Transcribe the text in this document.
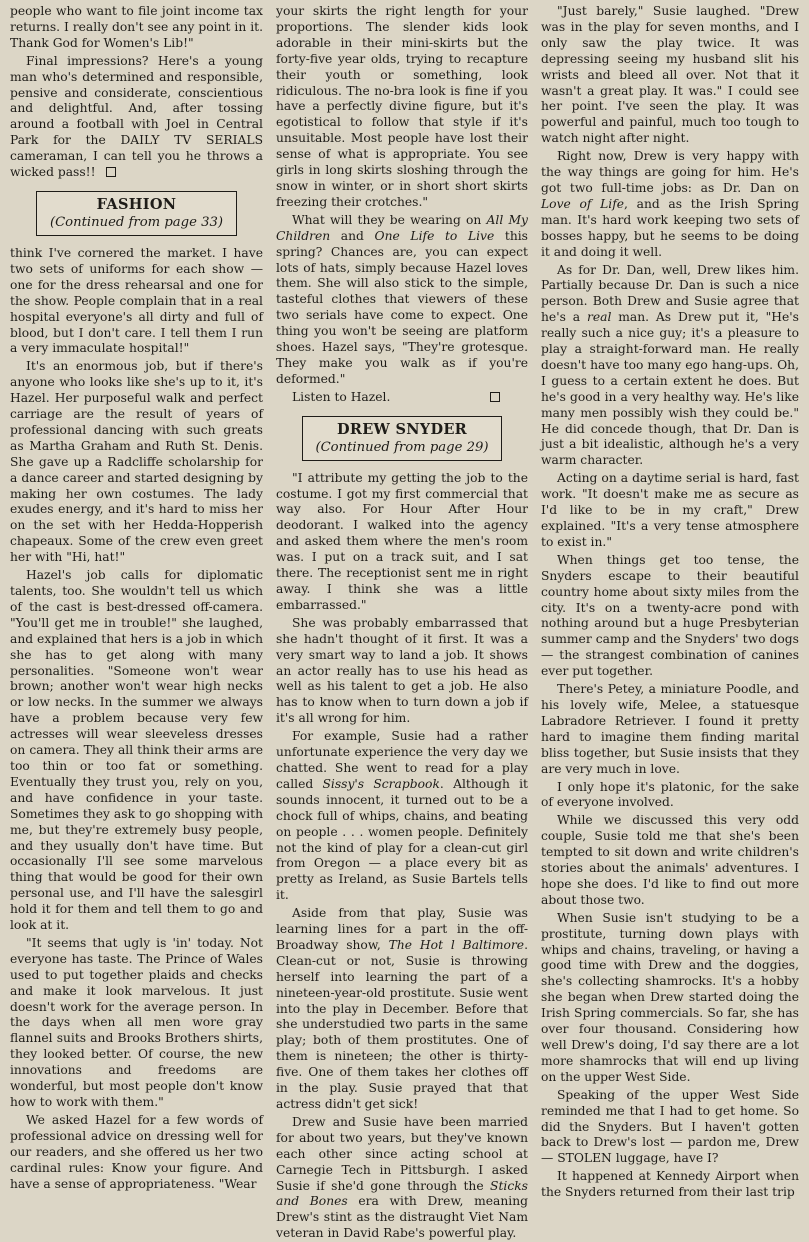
people who want to file joint income tax returns. I really don't see any point in it. Thank God for Women's Lib!"

Final impressions? Here's a young man who's determined and responsible, pensive and considerate, conscientious and delightful. And, after tossing around a football with Joel in Central Park for the DAILY TV SERIALS cameraman, I can tell you he throws a wicked pass!!

FASHION
(Continued from page 33)

think I've cornered the market. I have two sets of uniforms for each show — one for the dress rehearsal and one for the show. People complain that in a real hospital everyone's all dirty and full of blood, but I don't care. I tell them I run a very immaculate hospital!"

It's an enormous job, but if there's anyone who looks like she's up to it, it's Hazel. Her purposeful walk and perfect carriage are the result of years of professional dancing with such greats as Martha Graham and Ruth St. Denis. She gave up a Radcliffe scholarship for a dance career and started designing by making her own costumes. The lady exudes energy, and it's hard to miss her on the set with her Hedda-Hopperish chapeaux. Some of the crew even greet her with "Hi, hat!"

Hazel's job calls for diplomatic talents, too. She wouldn't tell us which of the cast is best-dressed off-camera. "You'll get me in trouble!" she laughed, and explained that hers is a job in which she has to get along with many personalities. "Someone won't wear brown; another won't wear high necks or low necks. In the summer we always have a problem because very few actresses will wear sleeveless dresses on camera. They all think their arms are too thin or too fat or something. Eventually they trust you, rely on you, and have confidence in your taste. Sometimes they ask to go shopping with me, but they're extremely busy people, and they usually don't have time. But occasionally I'll see some marvelous thing that would be good for their own personal use, and I'll have the salesgirl hold it for them and tell them to go and look at it.

"It seems that ugly is 'in' today. Not everyone has taste. The Prince of Wales used to put together plaids and checks and make it look marvelous. It just doesn't work for the average person. In the days when all men wore gray flannel suits and Brooks Brothers shirts, they looked better. Of course, the new innovations and freedoms are wonderful, but most people don't know how to work with them."

We asked Hazel for a few words of professional advice on dressing well for our readers, and she offered us her two cardinal rules: Know your figure. And have a sense of appropriateness. "Wear

your skirts the right length for your proportions. The slender kids look adorable in their mini-skirts but the forty-five year olds, trying to recapture their youth or something, look ridiculous. The no-bra look is fine if you have a perfectly divine figure, but it's egotistical to follow that style if it's unsuitable. Most people have lost their sense of what is appropriate. You see girls in long skirts sloshing through the snow in winter, or in short short skirts freezing their crotches."

What will they be wearing on All My Children and One Life to Live this spring? Chances are, you can expect lots of hats, simply because Hazel loves them. She will also stick to the simple, tasteful clothes that viewers of these two serials have come to expect. One thing you won't be seeing are platform shoes. Hazel says, "They're grotesque. They make you walk as if you're deformed."

Listen to Hazel.

DREW SNYDER
(Continued from page 29)

"I attribute my getting the job to the costume. I got my first commercial that way also. For Hour After Hour deodorant. I walked into the agency and asked them where the men's room was. I put on a track suit, and I sat there. The receptionist sent me in right away. I think she was a little embarrassed."

She was probably embarrassed that she hadn't thought of it first. It was a very smart way to land a job. It shows an actor really has to use his head as well as his talent to get a job. He also has to know when to turn down a job if it's all wrong for him.

For example, Susie had a rather unfortunate experience the very day we chatted. She went to read for a play called Sissy's Scrapbook. Although it sounds innocent, it turned out to be a chock full of whips, chains, and beating on people . . . women people. Definitely not the kind of play for a clean-cut girl from Oregon — a place every bit as pretty as Ireland, as Susie Bartels tells it.

Aside from that play, Susie was learning lines for a part in the off-Broadway show, The Hot l Baltimore. Clean-cut or not, Susie is throwing herself into learning the part of a nineteen-year-old prostitute. Susie went into the play in December. Before that she understudied two parts in the same play; both of them prostitutes. One of them is nineteen; the other is thirty-five. One of them takes her clothes off in the play. Susie prayed that that actress didn't get sick!

Drew and Susie have been married for about two years, but they've known each other since acting school at Carnegie Tech in Pittsburgh. I asked Susie if she'd gone through the Sticks and Bones era with Drew, meaning Drew's stint as the distraught Viet Nam veteran in David Rabe's powerful play.

"Just barely," Susie laughed. "Drew was in the play for seven months, and I only saw the play twice. It was depressing seeing my husband slit his wrists and bleed all over. Not that it wasn't a great play. It was." I could see her point. I've seen the play. It was powerful and painful, much too tough to watch night after night.

Right now, Drew is very happy with the way things are going for him. He's got two full-time jobs: as Dr. Dan on Love of Life, and as the Irish Spring man. It's hard work keeping two sets of bosses happy, but he seems to be doing it and doing it well.

As for Dr. Dan, well, Drew likes him. Partially because Dr. Dan is such a nice person. Both Drew and Susie agree that he's a real man. As Drew put it, "He's really such a nice guy; it's a pleasure to play a straight-forward man. He really doesn't have too many ego hang-ups. Oh, I guess to a certain extent he does. But he's good in a very healthy way. He's like many men possibly wish they could be." He did concede though, that Dr. Dan is just a bit idealistic, although he's a very warm character.

Acting on a daytime serial is hard, fast work. "It doesn't make me as secure as I'd like to be in my craft," Drew explained. "It's a very tense atmosphere to exist in."

When things get too tense, the Snyders escape to their beautiful country home about sixty miles from the city. It's on a twenty-acre pond with nothing around but a huge Presbyterian summer camp and the Snyders' two dogs — the strangest combination of canines ever put together.

There's Petey, a miniature Poodle, and his lovely wife, Melee, a statuesque Labradore Retriever. I found it pretty hard to imagine them finding marital bliss together, but Susie insists that they are very much in love.

I only hope it's platonic, for the sake of everyone involved.

While we discussed this very odd couple, Susie told me that she's been tempted to sit down and write children's stories about the animals' adventures. I hope she does. I'd like to find out more about those two.

When Susie isn't studying to be a prostitute, turning down plays with whips and chains, traveling, or having a good time with Drew and the doggies, she's collecting shamrocks. It's a hobby she began when Drew started doing the Irish Spring commercials. So far, she has over four thousand. Considering how well Drew's doing, I'd say there are a lot more shamrocks that will end up living on the upper West Side.

Speaking of the upper West Side reminded me that I had to get home. So did the Snyders. But I haven't gotten back to Drew's lost — pardon me, Drew — STOLEN luggage, have I?

It happened at Kennedy Airport when the Snyders returned from their last trip
